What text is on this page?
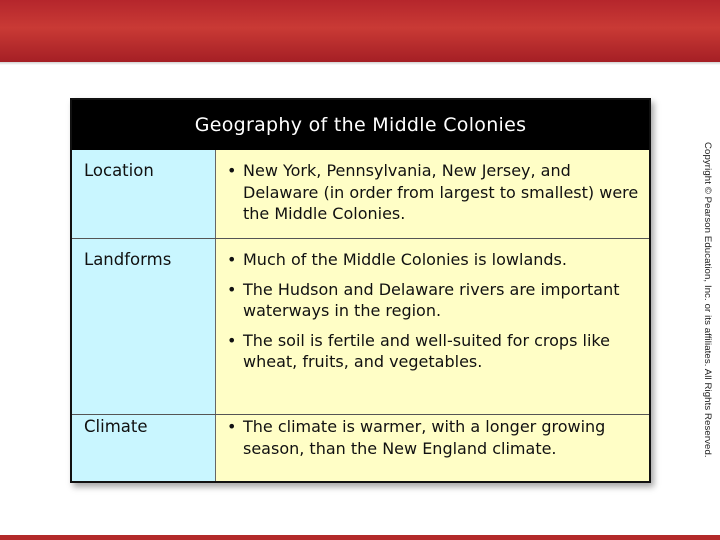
Geography of the Middle Colonies
Location	• New York, Pennsylvania, New Jersey, and Delaware (in order from largest to smallest) were the Middle Colonies.
Landforms	• Much of the Middle Colonies is lowlands.
• The Hudson and Delaware rivers are important waterways in the region.
• The soil is fertile and well-suited for crops like wheat, fruits, and vegetables.
Climate	• The climate is warmer, with a longer growing season, than the New England climate.	Copyright © Pearson Education, Inc. or its affiliates. All Rights Reserved.
